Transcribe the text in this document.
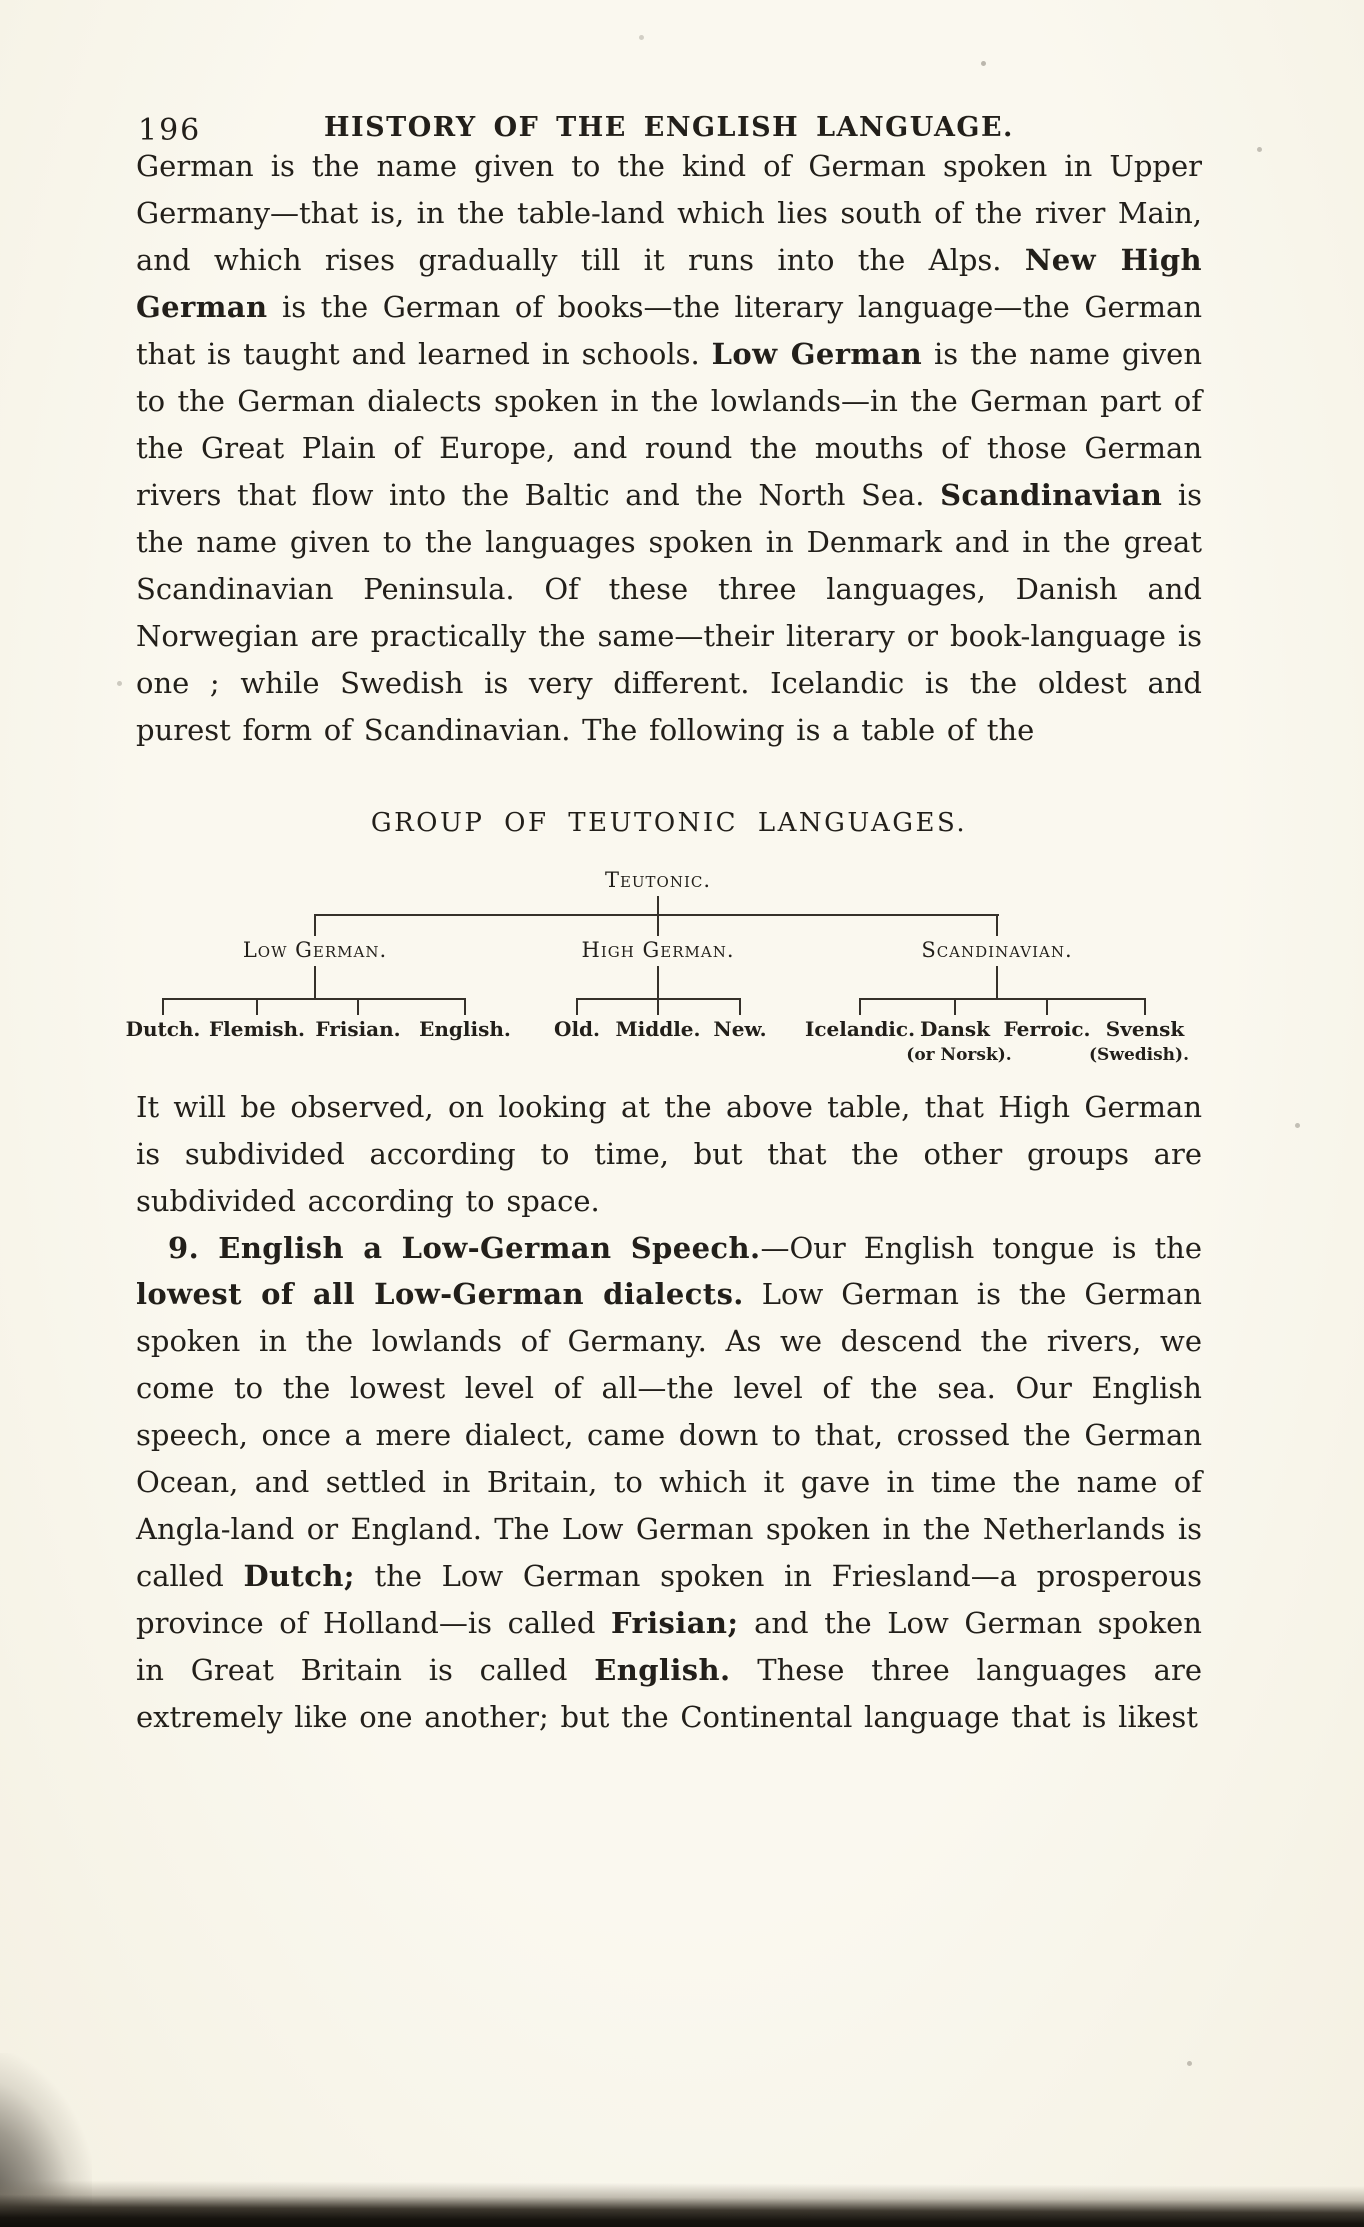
196	HISTORY OF THE ENGLISH LANGUAGE.

German is the name given to the kind of German spoken in Upper Germany—that is, in the table-land which lies south of the river Main, and which rises gradually till it runs into the Alps. New High German is the German of books—the literary language—the German that is taught and learned in schools. Low German is the name given to the German dialects spoken in the lowlands—in the German part of the Great Plain of Europe, and round the mouths of those German rivers that flow into the Baltic and the North Sea. Scandinavian is the name given to the languages spoken in Denmark and in the great Scandinavian Peninsula. Of these three languages, Danish and Norwegian are practically the same—their literary or book-language is one ; while Swedish is very different. Icelandic is the oldest and purest form of Scandinavian. The following is a table of the

GROUP OF TEUTONIC LANGUAGES.
Teutonic.
Low German.	High German.	Scandinavian.
Dutch. Flemish. Frisian. English. Old. Middle. New. Icelandic. Dansk Ferroic. Svensk
(or Norsk).	(Swedish).

It will be observed, on looking at the above table, that High German is subdivided according to time, but that the other groups are subdivided according to space.

9. English a Low-German Speech.—Our English tongue is the lowest of all Low-German dialects. Low German is the German spoken in the lowlands of Germany. As we descend the rivers, we come to the lowest level of all—the level of the sea. Our English speech, once a mere dialect, came down to that, crossed the German Ocean, and settled in Britain, to which it gave in time the name of Angla-land or England. The Low German spoken in the Netherlands is called Dutch; the Low German spoken in Friesland—a prosperous province of Holland—is called Frisian; and the Low German spoken in Great Britain is called English. These three languages are extremely like one another; but the Continental language that is likest
